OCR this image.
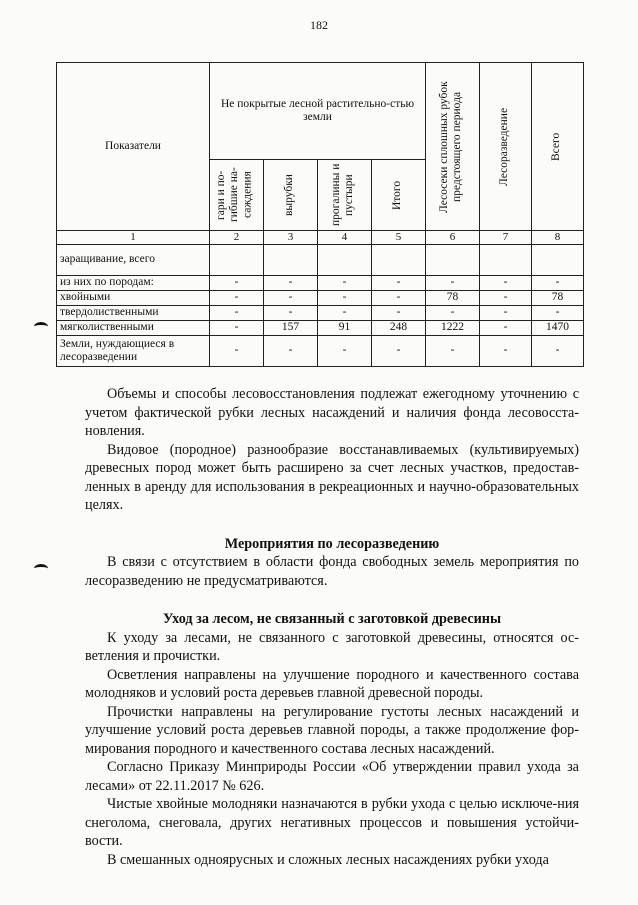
182
Показатели	Не покрытые лесной растительно-стью земли				Лесосеки сплошных рубок предстоящего периода	Лесоразведение	Всего

	гари и по-гибшие на-саждения	вырубки	прогалины и пустыри	Итого			

1	2	3	4	5	6	7	8
заращивание, всего							
из них по породам:	-	-	-	-	-	-	-
хвойными	-	-	-	-	78	-	78
твердолиственными	-	-	-	-	-	-	-
мягколиственными	-	157	91	248	1222	-	1470
Земли, нуждающиеся в лесоразведении	-	-	-	-	-	-	-

Объемы и способы лесовосстановления подлежат ежегодному уточнению с учетом фактической рубки лесных насаждений и наличия фонда лесовосста-новления.

Видовое (породное) разнообразие восстанавливаемых (культивируемых) древесных пород может быть расширено за счет лесных участков, предостав-ленных в аренду для использования в рекреационных и научно-образовательных целях.

Мероприятия по лесоразведению

В связи с отсутствием в области фонда свободных земель мероприятия по лесоразведению не предусматриваются.

Уход за лесом, не связанный с заготовкой древесины

К уходу за лесами, не связанного с заготовкой древесины, относятся ос-ветления и прочистки.

Осветления направлены на улучшение породного и качественного состава молодняков и условий роста деревьев главной древесной породы.

Прочистки направлены на регулирование густоты лесных насаждений и улучшение условий роста деревьев главной породы, а также продолжение фор-мирования породного и качественного состава лесных насаждений.

Согласно Приказу Минприроды России «Об утверждении правил ухода за лесами» от 22.11.2017 № 626.

Чистые хвойные молодняки назначаются в рубки ухода с целью исключе-ния снеголома, снеговала, других негативных процессов и повышения устойчи-вости.

В смешанных одноярусных и сложных лесных насаждениях рубки ухода
